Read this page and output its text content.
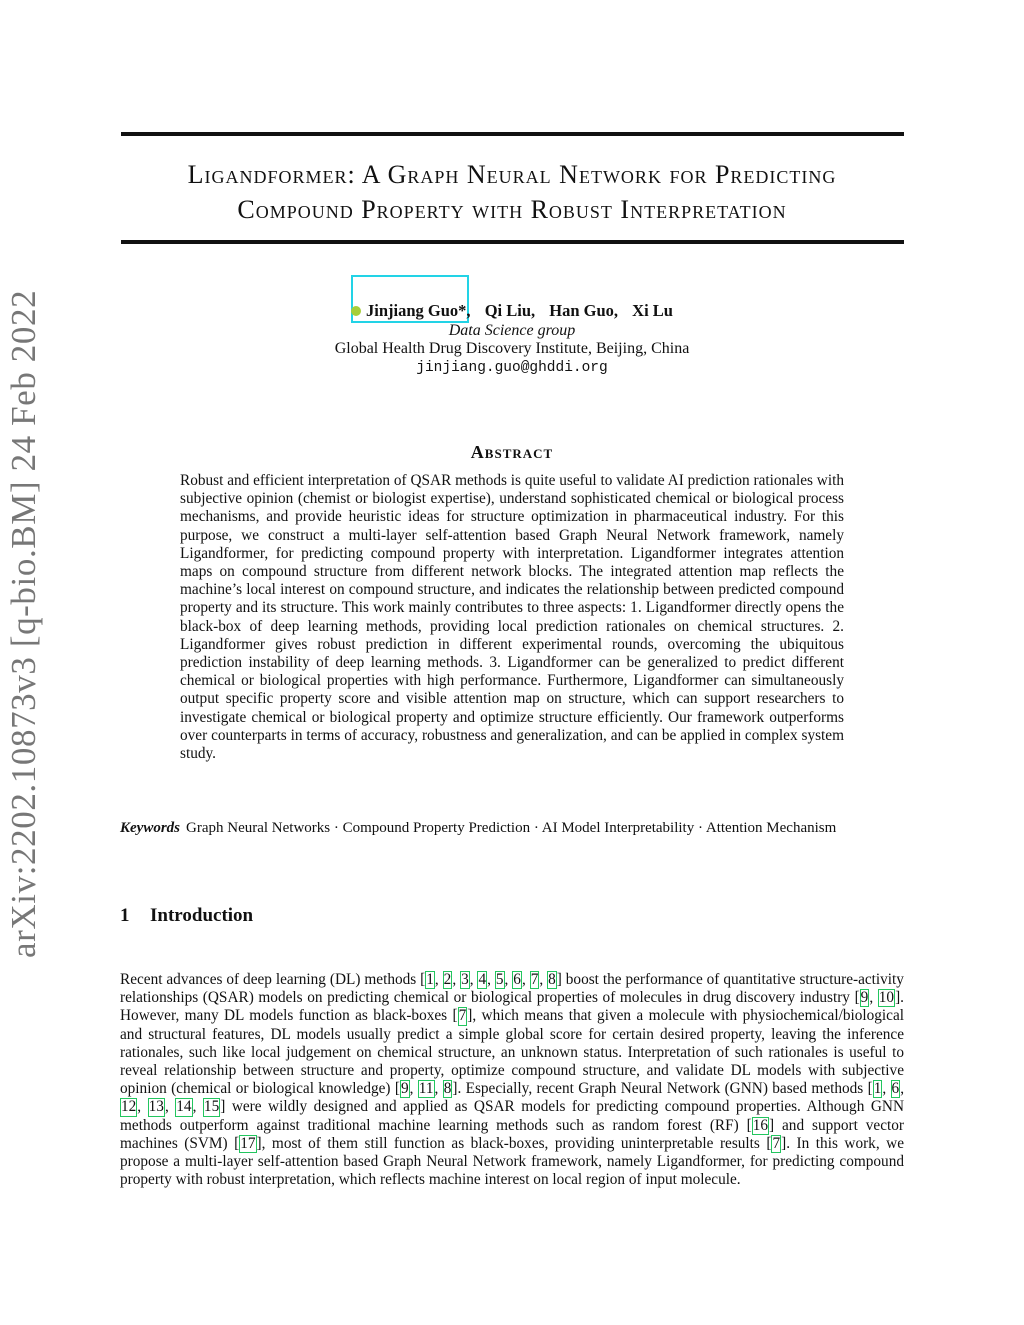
arXiv:2202.10873v3 [q-bio.BM] 24 Feb 2022
Ligandformer: A Graph Neural Network for Predicting
Compound Property with Robust Interpretation
Jinjiang Guo*, Qi Liu, Han Guo, Xi Lu
Data Science group
Global Health Drug Discovery Institute, Beijing, China
jinjiang.guo@ghddi.org
Abstract

Robust and efficient interpretation of QSAR methods is quite useful to validate AI prediction rationales with subjective opinion (chemist or biologist expertise), understand sophisticated chemical or biological process mechanisms, and provide heuristic ideas for structure optimization in pharmaceutical industry. For this purpose, we construct a multi-layer self-attention based Graph Neural Network framework, namely Ligandformer, for predicting compound property with interpretation. Ligandformer integrates attention maps on compound structure from different network blocks. The integrated attention map reflects the machine’s local interest on compound structure, and indicates the relationship between predicted compound property and its structure. This work mainly contributes to three aspects: 1. Ligandformer directly opens the black-box of deep learning methods, providing local prediction rationales on chemical structures. 2. Ligandformer gives robust prediction in different experimental rounds, overcoming the ubiquitous prediction instability of deep learning methods. 3. Ligandformer can be generalized to predict different chemical or biological properties with high performance. Furthermore, Ligandformer can simultaneously output specific property score and visible attention map on structure, which can support researchers to investigate chemical or biological property and optimize structure efficiently. Our framework outperforms over counterparts in terms of accuracy, robustness and generalization, and can be applied in complex system study.

Keywords Graph Neural Networks · Compound Property Prediction · AI Model Interpretability · Attention Mechanism
1 Introduction

Recent advances of deep learning (DL) methods [1, 2, 3, 4, 5, 6, 7, 8] boost the performance of quantitative structure-activity relationships (QSAR) models on predicting chemical or biological properties of molecules in drug discovery industry [9, 10]. However, many DL models function as black-boxes [7], which means that given a molecule with physiochemical/biological and structural features, DL models usually predict a simple global score for certain desired property, leaving the inference rationales, such like local judgement on chemical structure, an unknown status. Interpretation of such rationales is useful to reveal relationship between structure and property, optimize compound structure, and validate DL models with subjective opinion (chemical or biological knowledge) [9, 11, 8]. Especially, recent Graph Neural Network (GNN) based methods [1, 6, 12, 13, 14, 15] were wildly designed and applied as QSAR models for predicting compound properties. Although GNN methods outperform against traditional machine learning methods such as random forest (RF) [16] and support vector machines (SVM) [17], most of them still function as black-boxes, providing uninterpretable results [7]. In this work, we propose a multi-layer self-attention based Graph Neural Network framework, namely Ligandformer, for predicting compound property with robust interpretation, which reflects machine interest on local region of input molecule.
